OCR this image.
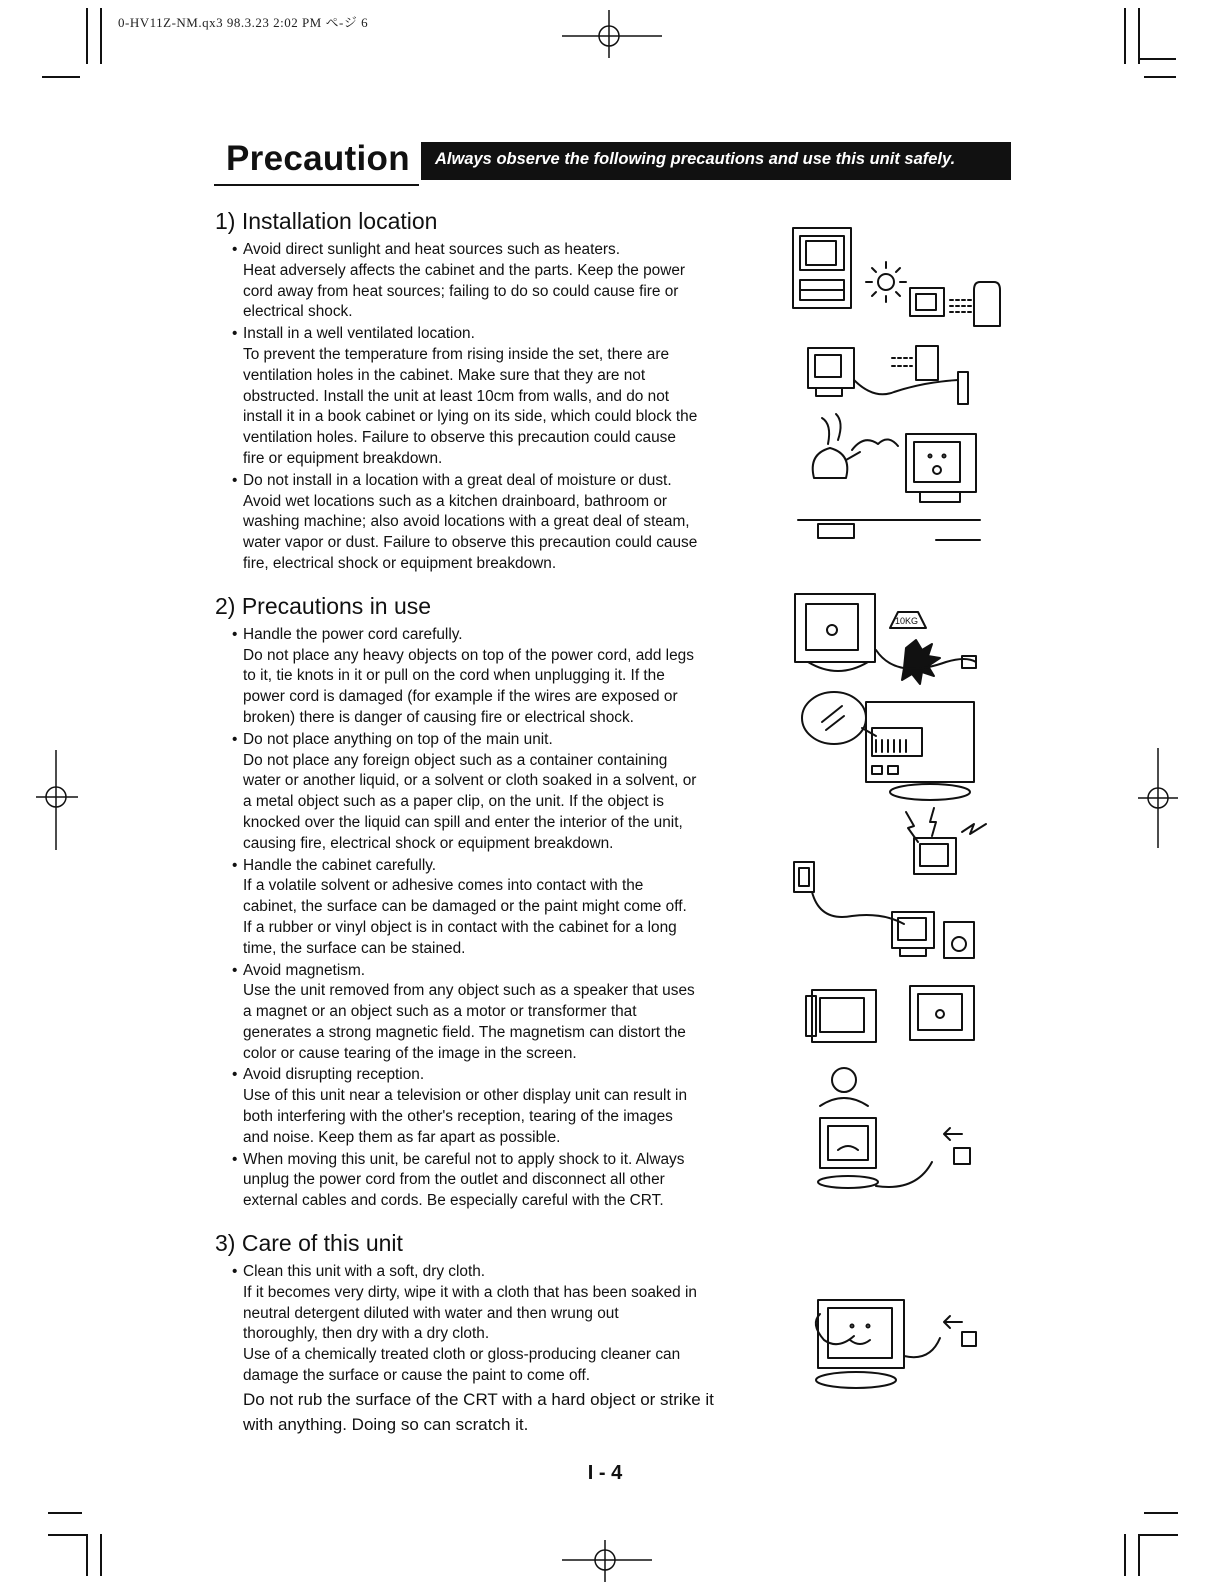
0-HV11Z-NM.qx3 98.3.23 2:02 PM ペ-ジ 6
Precaution Always observe the following precautions and use this unit safely.
1) Installation location
• Avoid direct sunlight and heat sources such as heaters.
Heat adversely affects the cabinet and the parts. Keep the power
cord away from heat sources; failing to do so could cause fire or
electrical shock.
• Install in a well ventilated location.
To prevent the temperature from rising inside the set, there are
ventilation holes in the cabinet. Make sure that they are not
obstructed. Install the unit at least 10cm from walls, and do not
install it in a book cabinet or lying on its side, which could block the
ventilation holes. Failure to observe this precaution could cause
fire or equipment breakdown.
• Do not install in a location with a great deal of moisture or dust.
Avoid wet locations such as a kitchen drainboard, bathroom or
washing machine; also avoid locations with a great deal of steam,
water vapor or dust. Failure to observe this precaution could cause
fire, electrical shock or equipment breakdown.
2) Precautions in use
• Handle the power cord carefully.
Do not place any heavy objects on top of the power cord, add legs
to it, tie knots in it or pull on the cord when unplugging it. If the
power cord is damaged (for example if the wires are exposed or
broken) there is danger of causing fire or electrical shock.
• Do not place anything on top of the main unit.
Do not place any foreign object such as a container containing
water or another liquid, or a solvent or cloth soaked in a solvent, or
a metal object such as a paper clip, on the unit. If the object is
knocked over the liquid can spill and enter the interior of the unit,
causing fire, electrical shock or equipment breakdown.
• Handle the cabinet carefully.
If a volatile solvent or adhesive comes into contact with the
cabinet, the surface can be damaged or the paint might come off.
If a rubber or vinyl object is in contact with the cabinet for a long
time, the surface can be stained.
• Avoid magnetism.
Use the unit removed from any object such as a speaker that uses
a magnet or an object such as a motor or transformer that
generates a strong magnetic field. The magnetism can distort the
color or cause tearing of the image in the screen.
• Avoid disrupting reception.
Use of this unit near a television or other display unit can result in
both interfering with the other's reception, tearing of the images
and noise. Keep them as far apart as possible.
• When moving this unit, be careful not to apply shock to it. Always
unplug the power cord from the outlet and disconnect all other
external cables and cords. Be especially careful with the CRT.
3) Care of this unit
• Clean this unit with a soft, dry cloth.
If it becomes very dirty, wipe it with a cloth that has been soaked in
neutral detergent diluted with water and then wrung out
thoroughly, then dry with a dry cloth.
Use of a chemically treated cloth or gloss-producing cleaner can
damage the surface or cause the paint to come off.
Do not rub the surface of the CRT with a hard object or strike it
with anything. Doing so can scratch it.
10KG
I - 4
